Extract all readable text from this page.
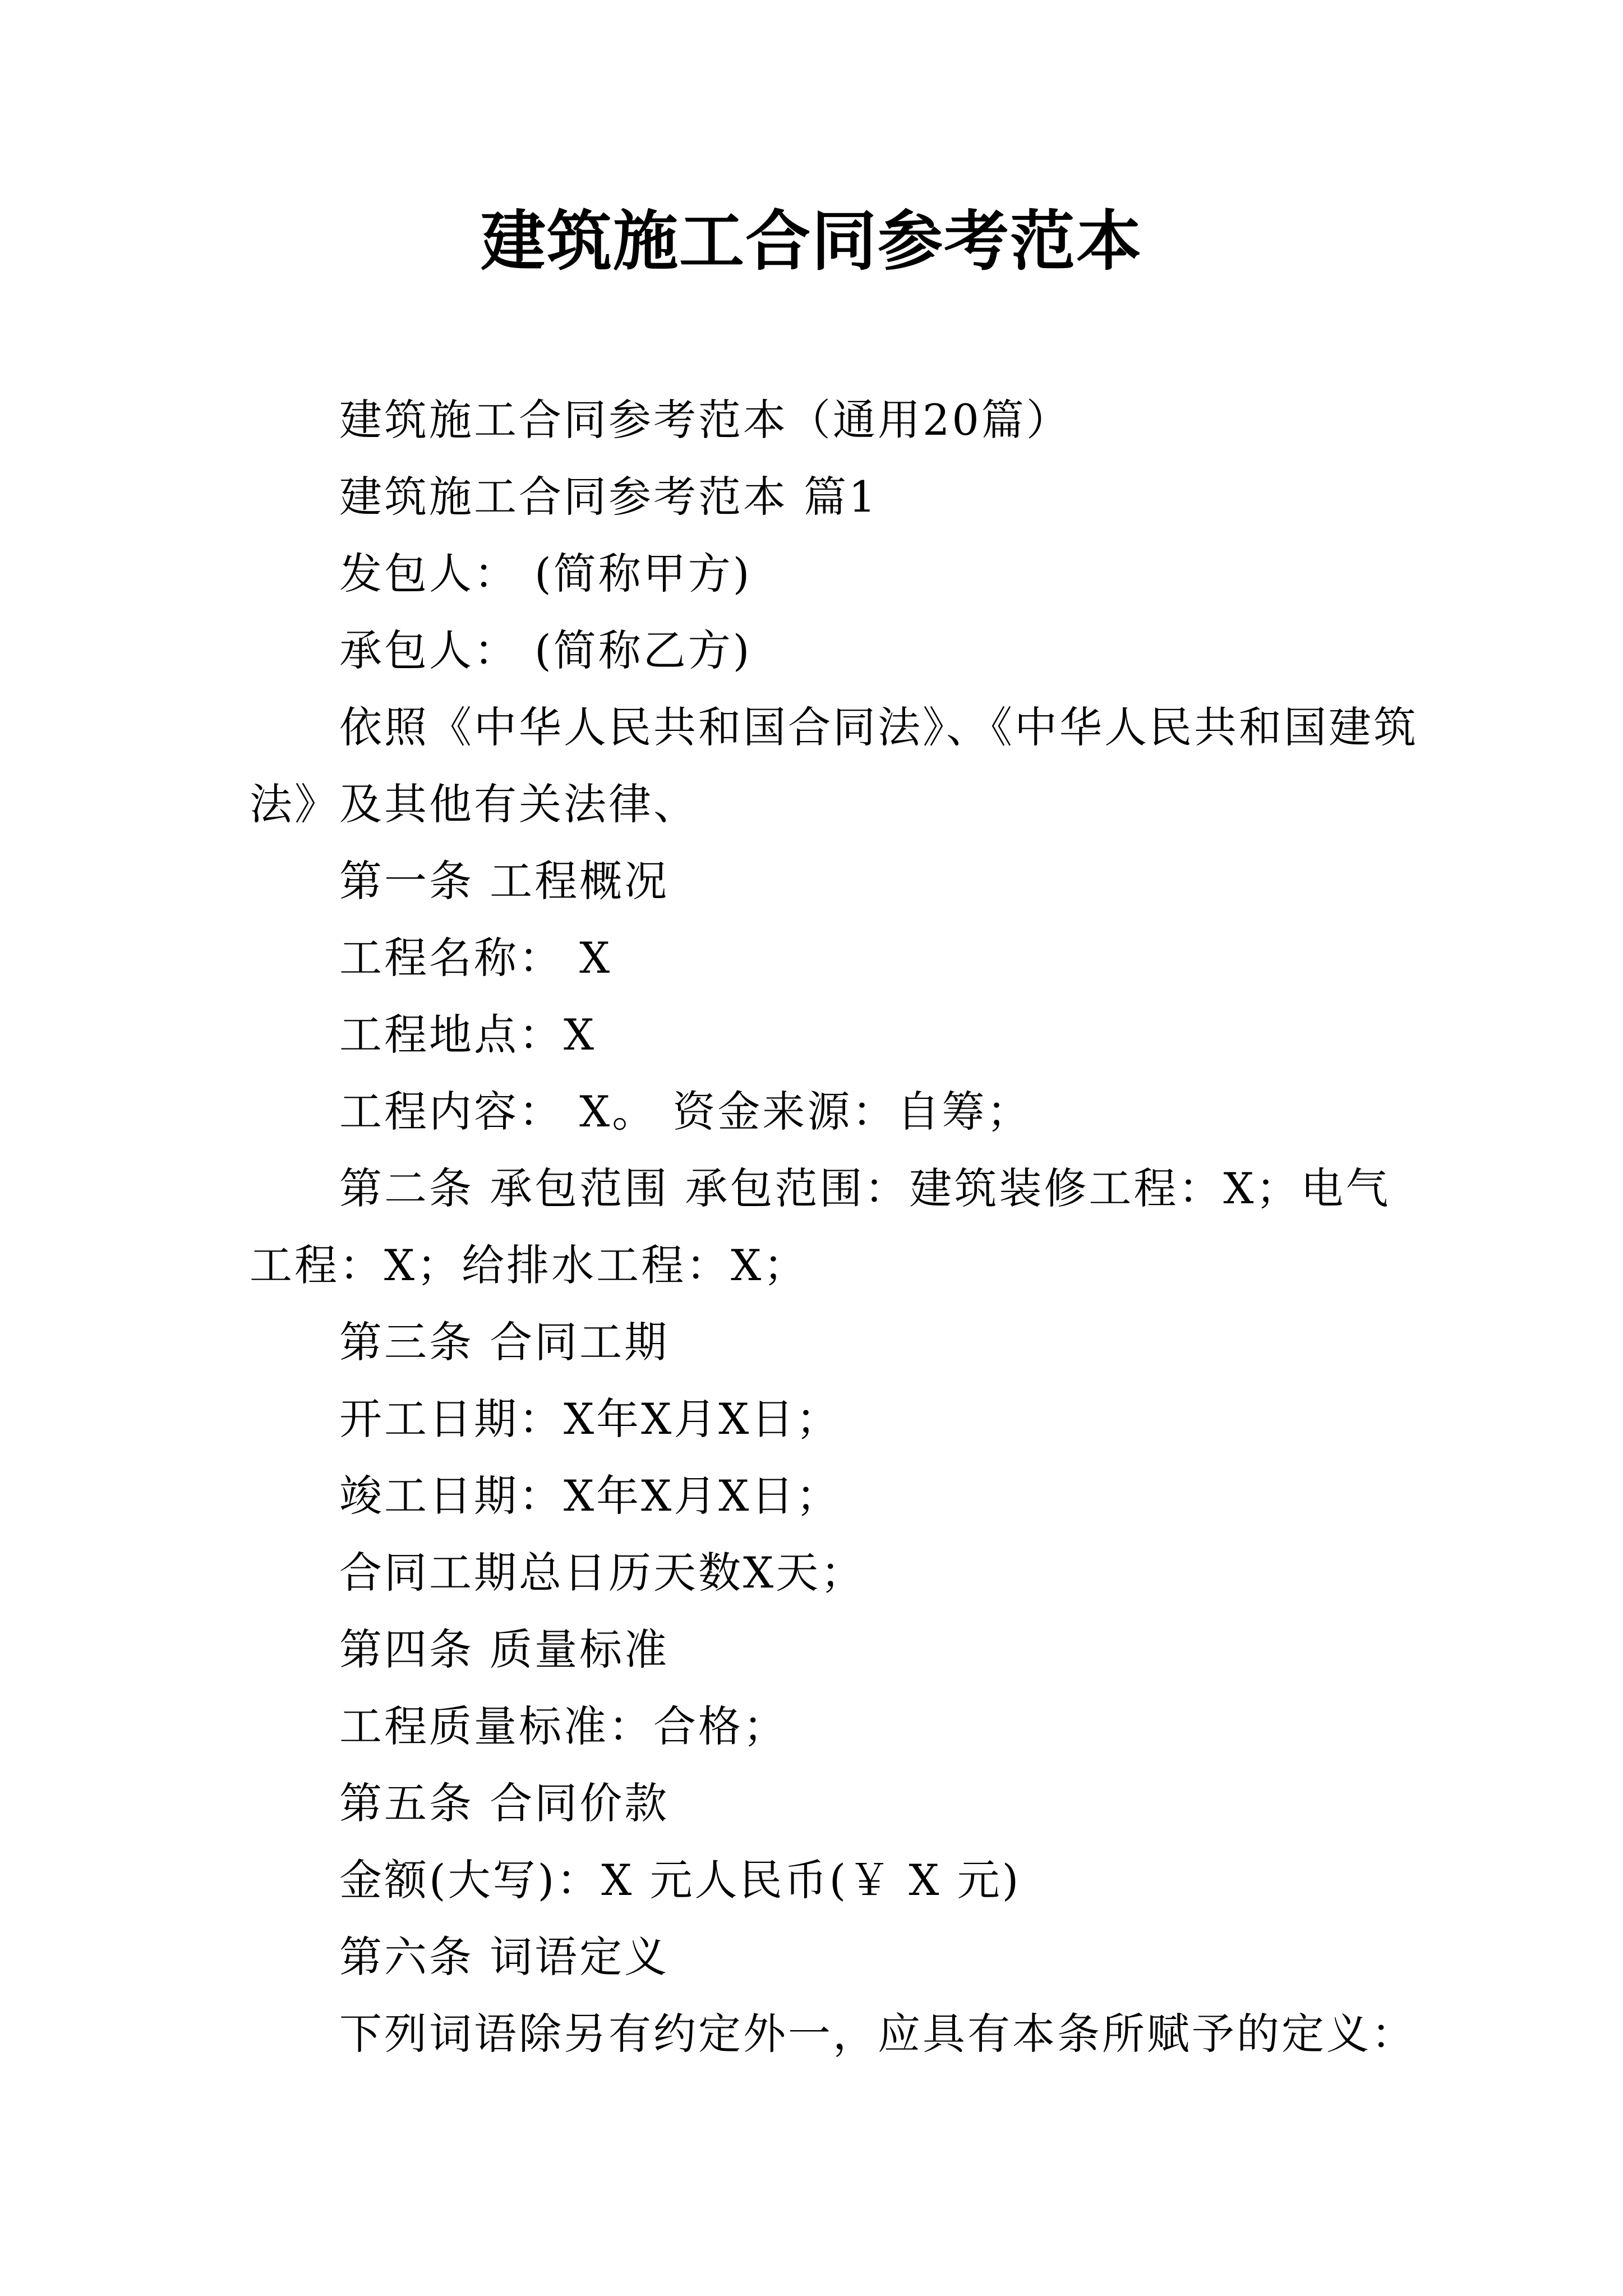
建筑施工合同参考范本
建筑施工合同参考范本（通用20篇）
建筑施工合同参考范本 篇1
发包人： (简称甲方)
承包人： (简称乙方)
依照《中华人民共和国合同法》、《中华人民共和国建筑
法》及其他有关法律、
第一条 工程概况
工程名称： X
工程地点：X
工程内容： X。 资金来源：自筹；
第二条 承包范围 承包范围：建筑装修工程：X；电气
工程：X；给排水工程：X；
第三条 合同工期
开工日期：X年X月X日；
竣工日期：X年X月X日；
合同工期总日历天数X天；
第四条 质量标准
工程质量标准：合格；
第五条 合同价款
金额(大写)：X 元人民币(￥ X 元)
第六条 词语定义
下列词语除另有约定外一，应具有本条所赋予的定义：
